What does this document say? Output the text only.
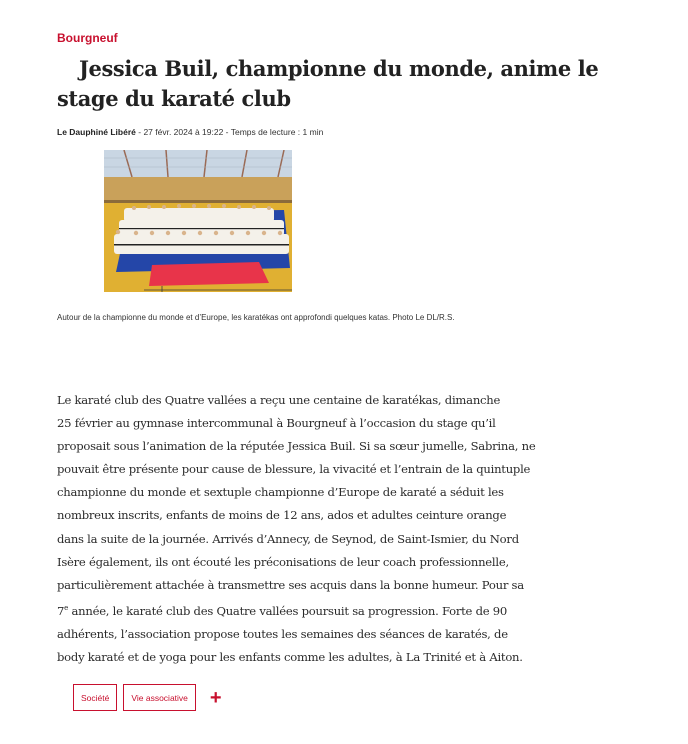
Bourgneuf
Jessica Buil, championne du monde, anime le stage du karaté club
Le Dauphiné Libéré - 27 févr. 2024 à 19:22 - Temps de lecture : 1 min
Autour de la championne du monde et d’Europe, les karatékas ont approfondi quelques katas. Photo Le DL/R.S.
Le karaté club des Quatre vallées a reçu une centaine de karatékas, dimanche
25 février au gymnase intercommunal à Bourgneuf à l’occasion du stage qu’il
proposait sous l’animation de la réputée Jessica Buil. Si sa sœur jumelle, Sabrina, ne
pouvait être présente pour cause de blessure, la vivacité et l’entrain de la quintuple
championne du monde et sextuple championne d’Europe de karaté a séduit les
nombreux inscrits, enfants de moins de 12 ans, ados et adultes ceinture orange
dans la suite de la journée. Arrivés d’Annecy, de Seynod, de Saint-Ismier, du Nord
Isère également, ils ont écouté les préconisations de leur coach professionnelle,
particulièrement attachée à transmettre ses acquis dans la bonne humeur. Pour sa
7e année, le karaté club des Quatre vallées poursuit sa progression. Forte de 90
adhérents, l’association propose toutes les semaines des séances de karatés, de
body karaté et de yoga pour les enfants comme les adultes, à La Trinité et à Aiton.
Société	Vie associative	+
